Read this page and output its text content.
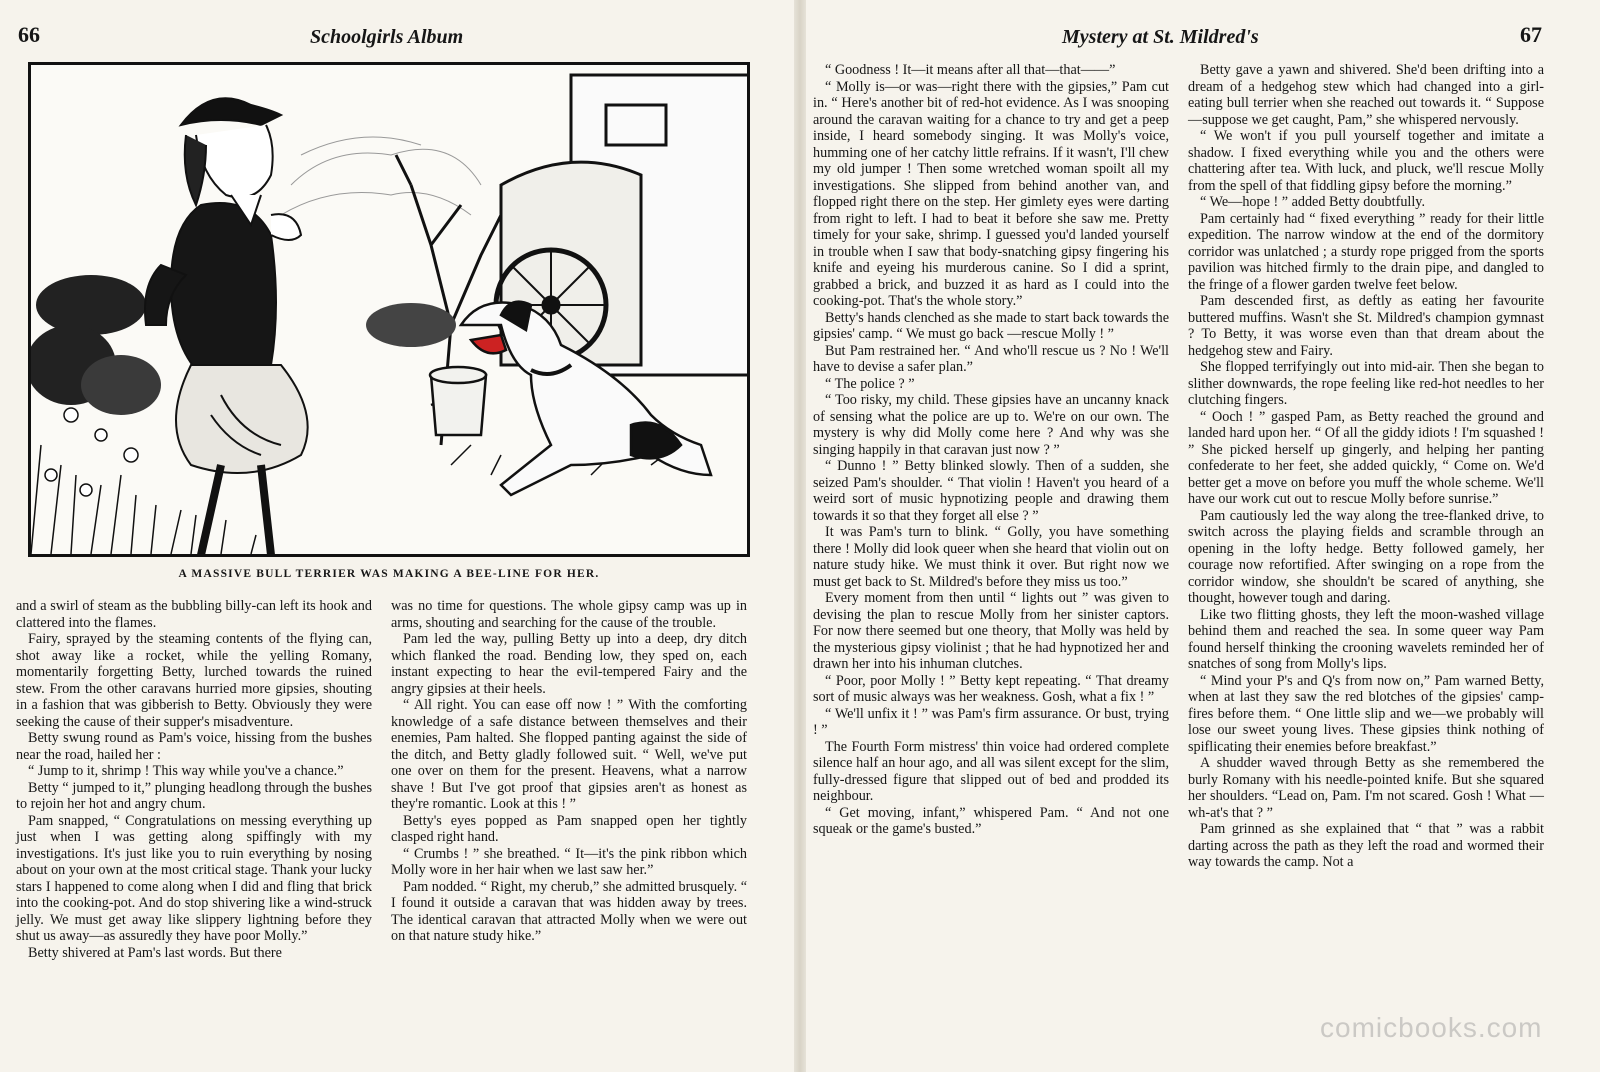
66	Schoolgirls Album
A MASSIVE BULL TERRIER WAS MAKING A BEE-LINE FOR HER.

and a swirl of steam as the bubbling billy-can left its hook and clattered into the flames.

Fairy, sprayed by the steaming contents of the flying can, shot away like a rocket, while the yelling Romany, momentarily forgetting Betty, lurched towards the ruined stew. From the other caravans hurried more gipsies, shouting in a fashion that was gibberish to Betty. Obviously they were seeking the cause of their supper's misadventure.

Betty swung round as Pam's voice, hissing from the bushes near the road, hailed her :

“ Jump to it, shrimp ! This way while you've a chance.”

Betty “ jumped to it,” plunging headlong through the bushes to rejoin her hot and angry chum.

Pam snapped, “ Congratulations on messing everything up just when I was getting along spiffingly with my investigations. It's just like you to ruin everything by nosing about on your own at the most critical stage. Thank your lucky stars I happened to come along when I did and fling that brick into the cooking-pot. And do stop shivering like a wind-struck jelly. We must get away like slippery lightning before they shut us away—as assuredly they have poor Molly.”

Betty shivered at Pam's last words. But there

was no time for questions. The whole gipsy camp was up in arms, shouting and searching for the cause of the trouble.

Pam led the way, pulling Betty up into a deep, dry ditch which flanked the road. Bending low, they sped on, each instant expecting to hear the evil-tempered Fairy and the angry gipsies at their heels.

“ All right. You can ease off now ! ” With the comforting knowledge of a safe distance between themselves and their enemies, Pam halted. She flopped panting against the side of the ditch, and Betty gladly followed suit. “ Well, we've put one over on them for the present. Heavens, what a narrow shave ! But I've got proof that gipsies aren't as honest as they're romantic. Look at this ! ”

Betty's eyes popped as Pam snapped open her tightly clasped right hand.

“ Crumbs ! ” she breathed. “ It—it's the pink ribbon which Molly wore in her hair when we last saw her.”

Pam nodded. “ Right, my cherub,” she admitted brusquely. “ I found it outside a caravan that was hidden away by trees. The identical caravan that attracted Molly when we were out on that nature study hike.”

Mystery at St. Mildred's	67

“ Goodness ! It—it means after all that—that——”

“ Molly is—or was—right there with the gipsies,” Pam cut in. “ Here's another bit of red-hot evidence. As I was snooping around the caravan waiting for a chance to try and get a peep inside, I heard somebody singing. It was Molly's voice, humming one of her catchy little refrains. If it wasn't, I'll chew my old jumper ! Then some wretched woman spoilt all my investigations. She slipped from behind another van, and flopped right there on the step. Her gimlety eyes were darting from right to left. I had to beat it before she saw me. Pretty timely for your sake, shrimp. I guessed you'd landed yourself in trouble when I saw that body-snatching gipsy fingering his knife and eyeing his murderous canine. So I did a sprint, grabbed a brick, and buzzed it as hard as I could into the cooking-pot. That's the whole story.”

Betty's hands clenched as she made to start back towards the gipsies' camp. “ We must go back —rescue Molly ! ”

But Pam restrained her. “ And who'll rescue us ? No ! We'll have to devise a safer plan.”

“ The police ? ”

“ Too risky, my child. These gipsies have an uncanny knack of sensing what the police are up to. We're on our own. The mystery is why did Molly come here ? And why was she singing happily in that caravan just now ? ”

“ Dunno ! ” Betty blinked slowly. Then of a sudden, she seized Pam's shoulder. “ That violin ! Haven't you heard of a weird sort of music hypnotizing people and drawing them towards it so that they forget all else ? ”

It was Pam's turn to blink. “ Golly, you have something there ! Molly did look queer when she heard that violin out on nature study hike. We must think it over. But right now we must get back to St. Mildred's before they miss us too.”

Every moment from then until “ lights out ” was given to devising the plan to rescue Molly from her sinister captors. For now there seemed but one theory, that Molly was held by the mysterious gipsy violinist ; that he had hypnotized her and drawn her into his inhuman clutches.

“ Poor, poor Molly ! ” Betty kept repeating. “ That dreamy sort of music always was her weakness. Gosh, what a fix ! ”

“ We'll unfix it ! ” was Pam's firm assurance. Or bust, trying ! ”

The Fourth Form mistress' thin voice had ordered complete silence half an hour ago, and all was silent except for the slim, fully-dressed figure that slipped out of bed and prodded its neighbour.

“ Get moving, infant,” whispered Pam. “ And not one squeak or the game's busted.”

Betty gave a yawn and shivered. She'd been drifting into a dream of a hedgehog stew which had changed into a girl-eating bull terrier when she reached out towards it. “ Suppose—suppose we get caught, Pam,” she whispered nervously.

“ We won't if you pull yourself together and imitate a shadow. I fixed everything while you and the others were chattering after tea. With luck, and pluck, we'll rescue Molly from the spell of that fiddling gipsy before the morning.”

“ We—hope ! ” added Betty doubtfully.

Pam certainly had “ fixed everything ” ready for their little expedition. The narrow window at the end of the dormitory corridor was unlatched ; a sturdy rope prigged from the sports pavilion was hitched firmly to the drain pipe, and dangled to the fringe of a flower garden twelve feet below.

Pam descended first, as deftly as eating her favourite buttered muffins. Wasn't she St. Mildred's champion gymnast ? To Betty, it was worse even than that dream about the hedgehog stew and Fairy.

She flopped terrifyingly out into mid-air. Then she began to slither downwards, the rope feeling like red-hot needles to her clutching fingers.

“ Ooch ! ” gasped Pam, as Betty reached the ground and landed hard upon her. “ Of all the giddy idiots ! I'm squashed ! ” She picked herself up gingerly, and helping her panting confederate to her feet, she added quickly, “ Come on. We'd better get a move on before you muff the whole scheme. We'll have our work cut out to rescue Molly before sunrise.”

Pam cautiously led the way along the tree-flanked drive, to switch across the playing fields and scramble through an opening in the lofty hedge. Betty followed gamely, her courage now refortified. After swinging on a rope from the corridor window, she shouldn't be scared of anything, she thought, however tough and daring.

Like two flitting ghosts, they left the moon-washed village behind them and reached the sea. In some queer way Pam found herself thinking the crooning wavelets reminded her of snatches of song from Molly's lips.

“ Mind your P's and Q's from now on,” Pam warned Betty, when at last they saw the red blotches of the gipsies' camp-fires before them. “ One little slip and we—we probably will lose our sweet young lives. These gipsies think nothing of spiflicating their enemies before breakfast.”

A shudder waved through Betty as she remembered the burly Romany with his needle-pointed knife. But she squared her shoulders. “Lead on, Pam. I'm not scared. Gosh ! What — wh-at's that ? ”

Pam grinned as she explained that “ that ” was a rabbit darting across the path as they left the road and wormed their way towards the camp. Not a

comicbooks.com
